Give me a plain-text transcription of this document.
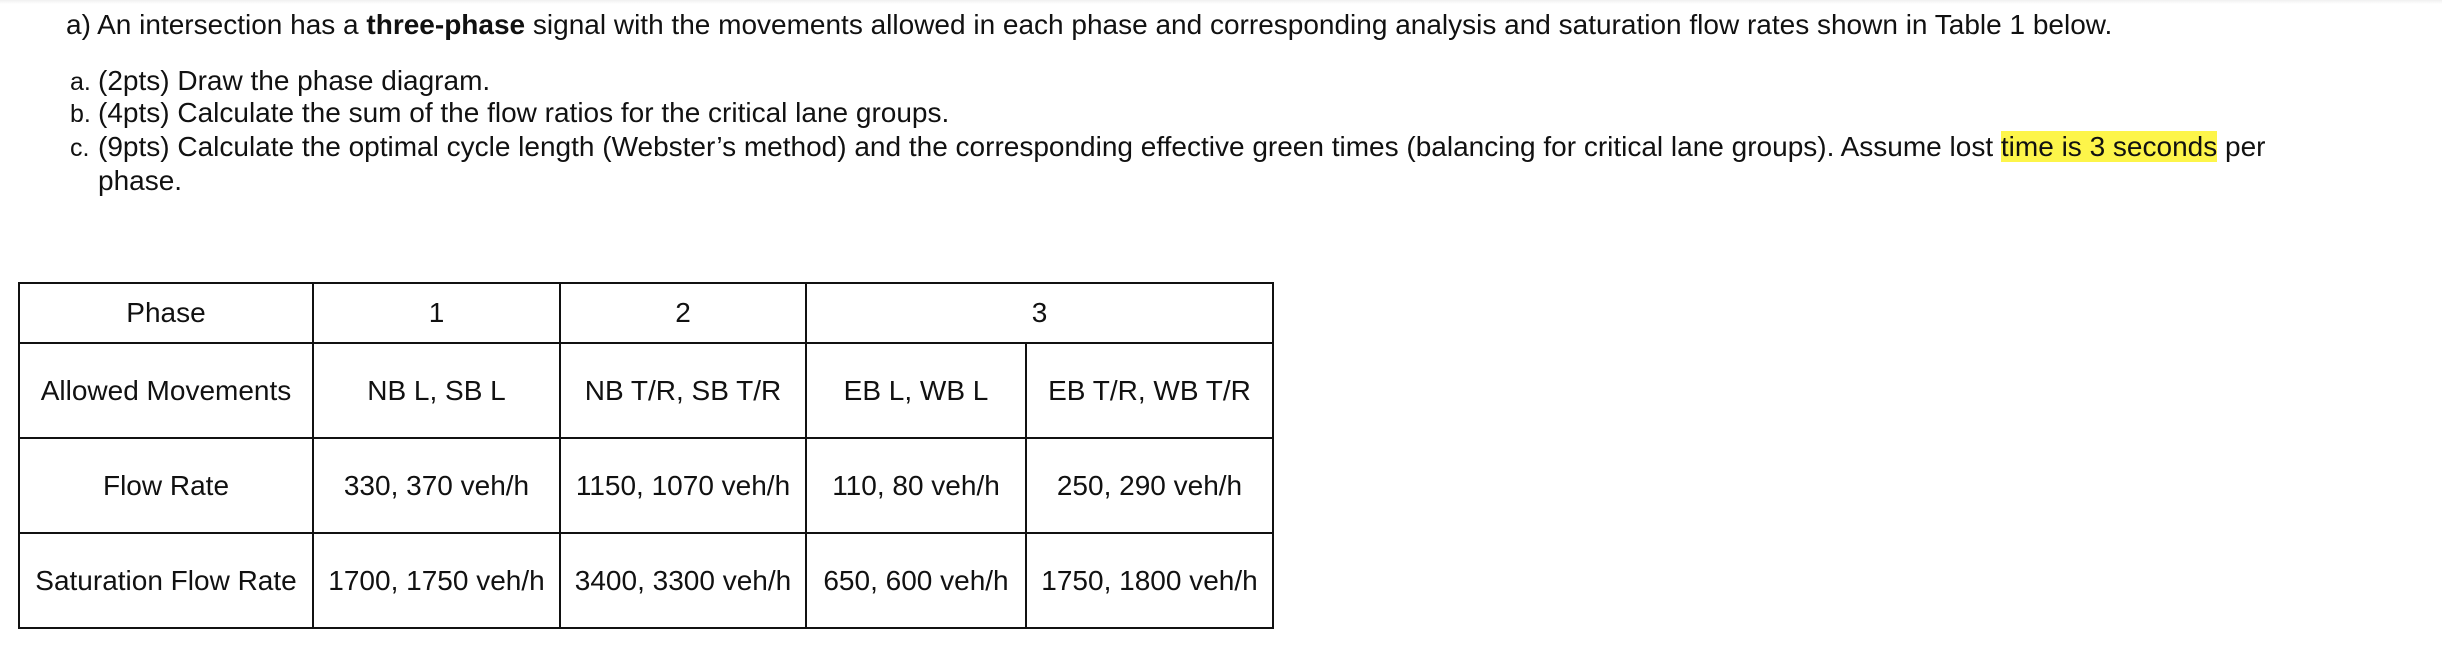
a) An intersection has a three-phase signal with the movements allowed in each phase and corresponding analysis and saturation flow rates shown in Table 1 below.
a. (2pts) Draw the phase diagram.
b. (4pts) Calculate the sum of the flow ratios for the critical lane groups.
c. (9pts) Calculate the optimal cycle length (Webster’s method) and the corresponding effective green times (balancing for critical lane groups). Assume lost time is 3 seconds per
phase.
Phase	1	2	3	
Allowed Movements	NB L, SB L	NB T/R, SB T/R	EB L, WB L	EB T/R, WB T/R
Flow Rate	330, 370 veh/h	1150, 1070 veh/h	110, 80 veh/h	250, 290 veh/h
Saturation Flow Rate	1700, 1750 veh/h	3400, 3300 veh/h	650, 600 veh/h	1750, 1800 veh/h
